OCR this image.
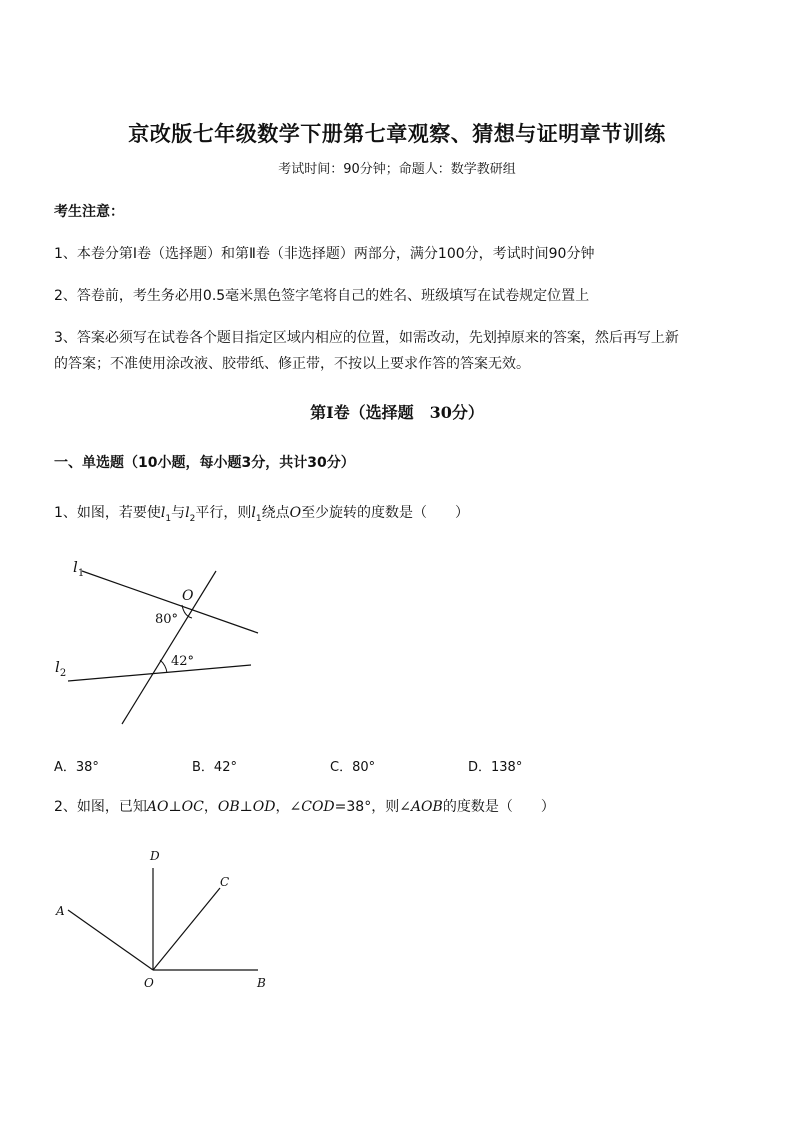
京改版七年级数学下册第七章观察、猜想与证明章节训练
考试时间：90分钟；命题人：数学教研组
考生注意：
1、本卷分第Ⅰ卷（选择题）和第Ⅱ卷（非选择题）两部分，满分100分，考试时间90分钟
2、答卷前，考生务必用0.5毫米黑色签字笔将自己的姓名、班级填写在试卷规定位置上
3、答案必须写在试卷各个题目指定区域内相应的位置，如需改动，先划掉原来的答案，然后再写上新
的答案；不准使用涂改液、胶带纸、修正带，不按以上要求作答的答案无效。
第Ⅰ卷（选择题　30分）
一、单选题（10小题，每小题3分，共计30分）
1、如图，若要使$l_1$与$l_2$平行，则$l_1$绕点O至少旋转的度数是（　　）
$l_1$
$l_2$
O
80°
42°
D
C
A
O	B
A．38°	B．42°	C．80°	D．138°
2、如图，已知AO⊥OC，OB⊥OD，∠COD=38°，则∠AOB的度数是（　　）
